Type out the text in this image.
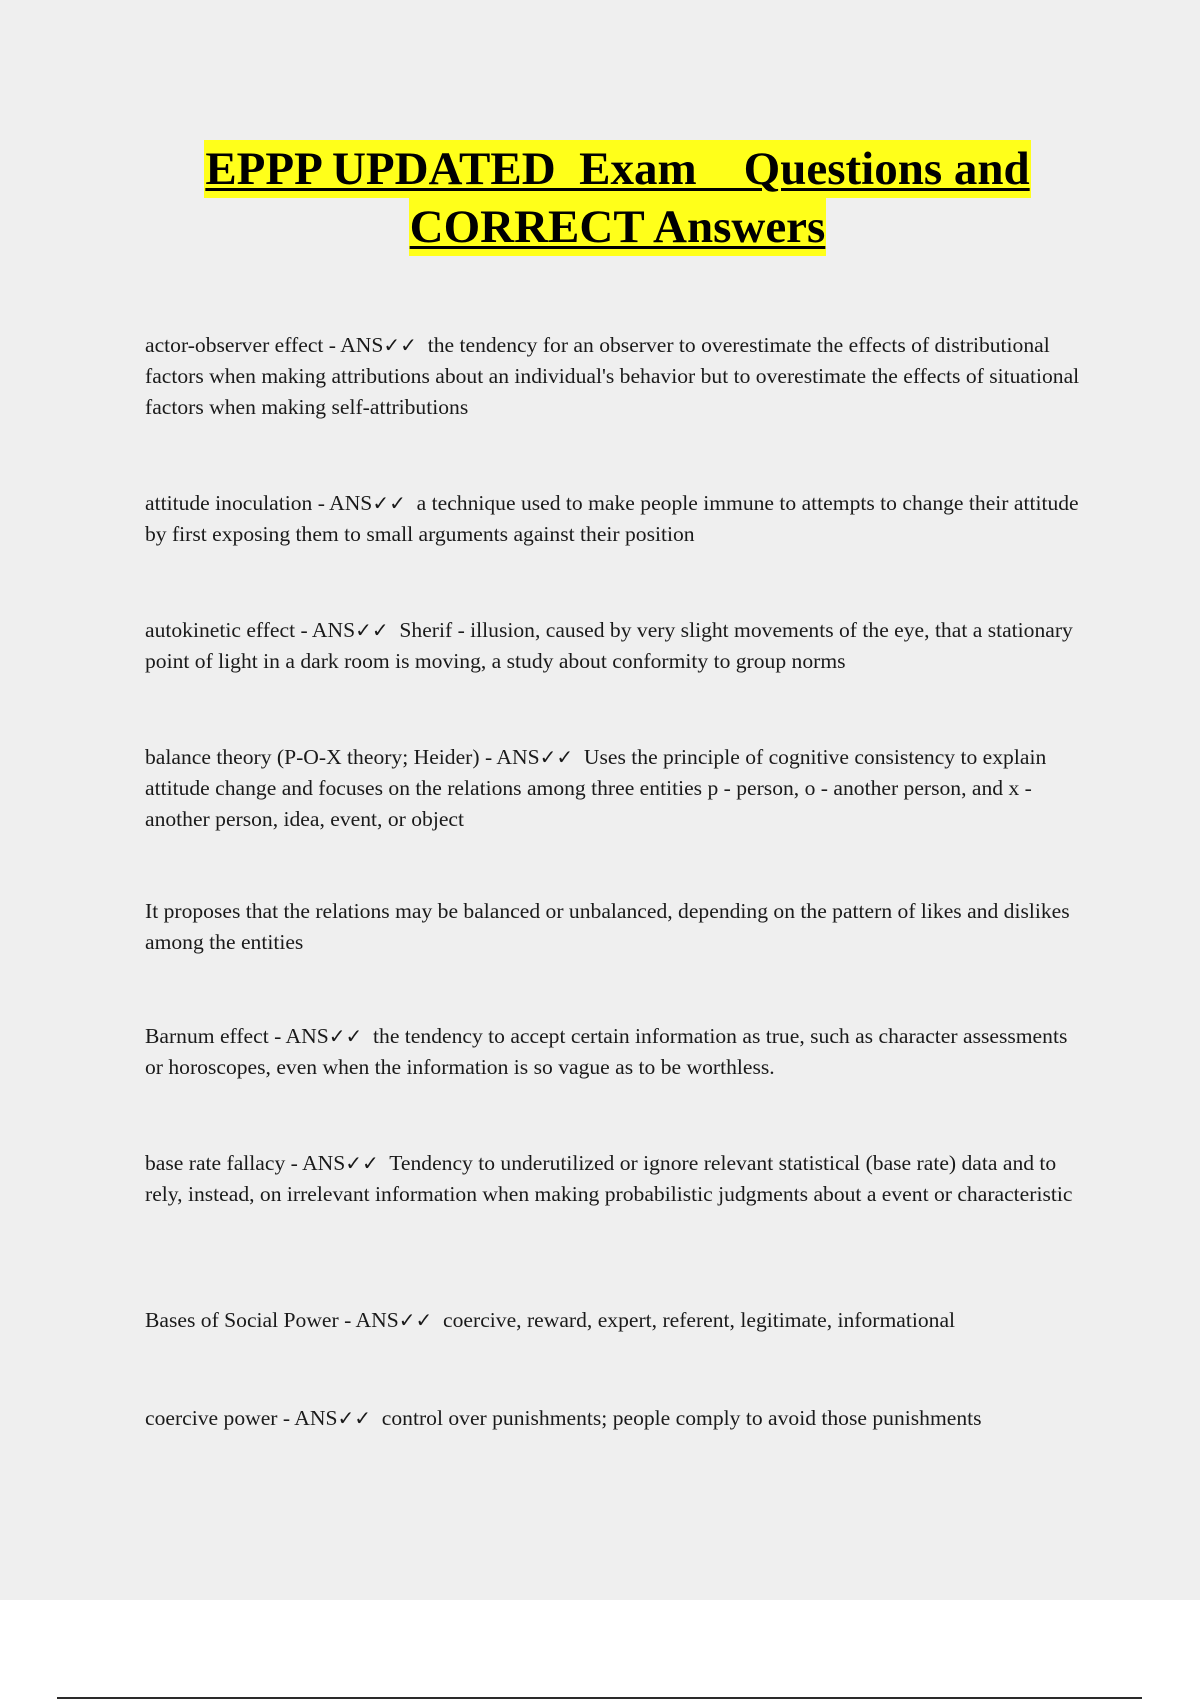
EPPP UPDATED  Exam    Questions and
CORRECT Answers
actor-observer effect - ANS✓✓ the tendency for an observer to overestimate the effects of distributional factors when making attributions about an individual's behavior but to overestimate the effects of situational factors when making self-attributions
attitude inoculation - ANS✓✓ a technique used to make people immune to attempts to change their attitude by first exposing them to small arguments against their position
autokinetic effect - ANS✓✓ Sherif - illusion, caused by very slight movements of the eye, that a stationary point of light in a dark room is moving, a study about conformity to group norms
balance theory (P-O-X theory; Heider) - ANS✓✓ Uses the principle of cognitive consistency to explain attitude change and focuses on the relations among three entities p - person, o - another person, and x - another person, idea, event, or object
It proposes that the relations may be balanced or unbalanced, depending on the pattern of likes and dislikes among the entities
Barnum effect - ANS✓✓ the tendency to accept certain information as true, such as character assessments or horoscopes, even when the information is so vague as to be worthless.
base rate fallacy - ANS✓✓ Tendency to underutilized or ignore relevant statistical (base rate) data and to rely, instead, on irrelevant information when making probabilistic judgments about a event or characteristic
Bases of Social Power - ANS✓✓ coercive, reward, expert, referent, legitimate, informational
coercive power - ANS✓✓ control over punishments; people comply to avoid those punishments
